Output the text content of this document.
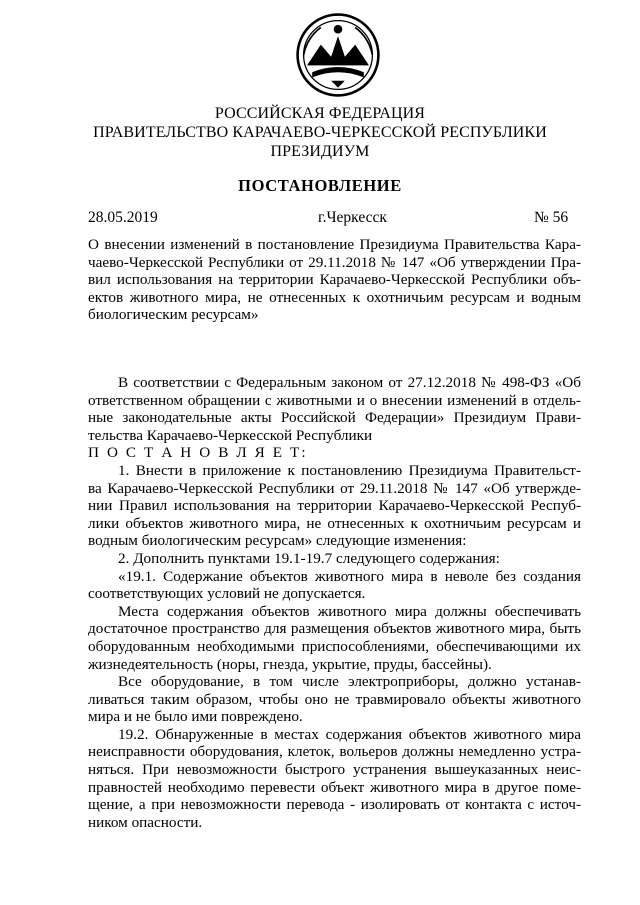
РОССИЙСКАЯ ФЕДЕРАЦИЯ
ПРАВИТЕЛЬСТВО КАРАЧАЕВО-ЧЕРКЕССКОЙ РЕСПУБЛИКИ
ПРЕЗИДИУМ
ПОСТАНОВЛЕНИЕ
28.05.2019	г.Черкесск	№ 56
О внесении изменений в постановление Президиума Правительства Кара-
чаево-Черкесской Республики от 29.11.2018 № 147 «Об утверждении Пра-
вил использования на территории Карачаево-Черкесской Республики объ-
ектов животного мира, не отнесенных к охотничьим ресурсам и водным
биологическим ресурсам»
В соответствии с Федеральным законом от 27.12.2018 № 498-ФЗ «Об
ответственном обращении с животными и о внесении изменений в отдель-
ные законодательные акты Российской Федерации» Президиум Прави-
тельства Карачаево-Черкесской Республики
П О С Т А Н О В Л Я Е Т:
1. Внести в приложение к постановлению Президиума Правительст-
ва Карачаево-Черкесской Республики от 29.11.2018 № 147 «Об утвержде-
нии Правил использования на территории Карачаево-Черкесской Респуб-
лики объектов животного мира, не отнесенных к охотничьим ресурсам и
водным биологическим ресурсам» следующие изменения:
2. Дополнить пунктами 19.1-19.7 следующего содержания:
«19.1. Содержание объектов животного мира в неволе без создания
соответствующих условий не допускается.
Места содержания объектов животного мира должны обеспечивать
достаточное пространство для размещения объектов животного мира, быть
оборудованным необходимыми приспособлениями, обеспечивающими их
жизнедеятельность (норы, гнезда, укрытие, пруды, бассейны).
Все оборудование, в том числе электроприборы, должно устанав-
ливаться таким образом, чтобы оно не травмировало объекты животного
мира и не было ими повреждено.
19.2. Обнаруженные в местах содержания объектов животного мира
неисправности оборудования, клеток, вольеров должны немедленно устра-
няться. При невозможности быстрого устранения вышеуказанных неис-
правностей необходимо перевести объект животного мира в другое поме-
щение, а при невозможности перевода - изолировать от контакта с источ-
ником опасности.
